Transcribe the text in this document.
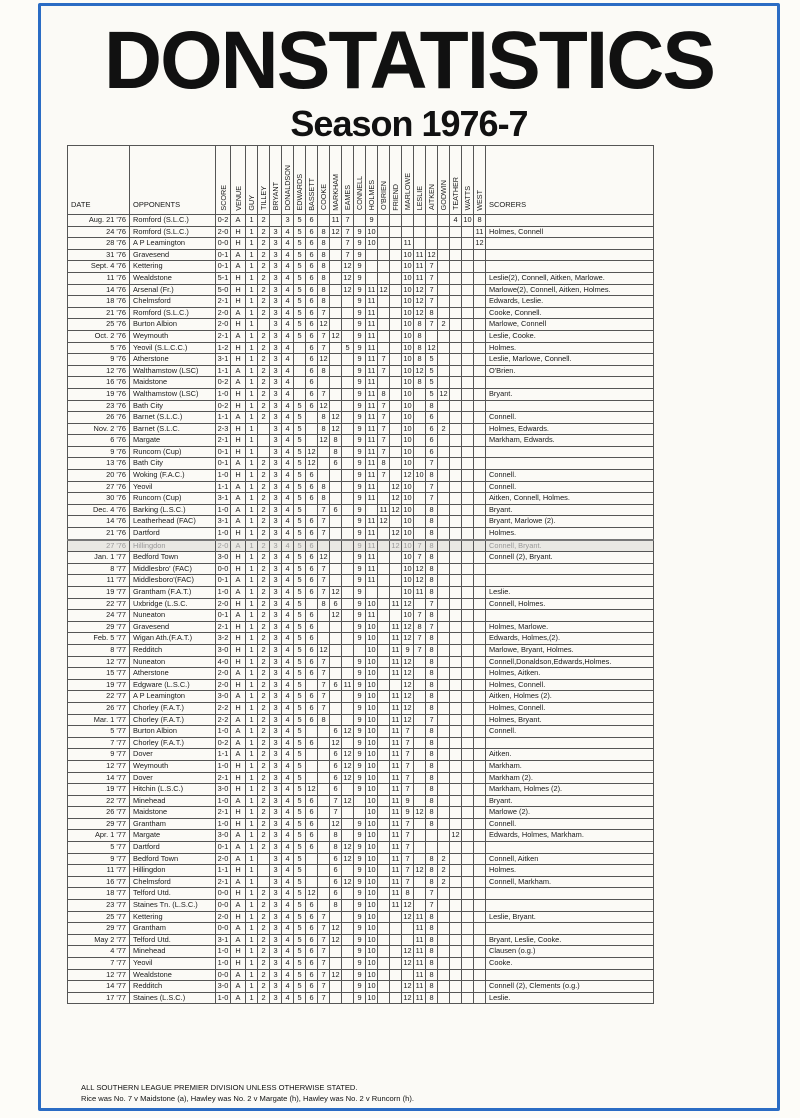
DONSTATISTICS
Season 1976-7
DATE	OPPONENTS	SCORE	VENUE	GUY	TILLEY	BRYANT	DONALDSON	EDWARDS	BASSETT	COOKE	MARKHAM	EAMES	CONNELL	HOLMES	O'BRIEN	FRIEND	MARLOWE	LESLIE	AITKEN	GODWIN	TEATHER	WATTS	WEST	SCORERS
Aug. 21 '76	Romford (S.L.C.)	0-2	A	1	2		3	5	6		11	7		9							4	10	8	
24 '76	Romford (S.L.C.)	2-0	H	1	2	3	4	5	6	8	12	7	9	10									11	Holmes, Connell
28 '76	A P Leamington	0-0	H	1	2	3	4	5	6	8		7	9	10			11						12	
31 '76	Gravesend	0-1	A	1	2	3	4	5	6	8		7	9				10	11	12					
Sept. 4 '76	Kettering	0-1	A	1	2	3	4	5	6	8		12	9				10	11	7					
11 '76	Wealdstone	5-1	H	1	2	3	4	5	6	8		12	9				10	11	7					Leslie(2), Connell, Aitken, Marlowe.
14 '76	Arsenal (Fr.)	5-0	H	1	2	3	4	5	6	8		12	9	11	12		10	12	7					Marlowe(2), Connell, Aitken, Holmes.
18 '76	Chelmsford	2-1	H	1	2	3	4	5	6	8			9	11			10	12	7					Edwards, Leslie.
21 '76	Romford (S.L.C.)	2-0	A	1	2	3	4	5	6	7			9	11			10	12	8					Cooke, Connell.
25 '76	Burton Albion	2-0	H	1		3	4	5	6	12			9	11			10	8	7	2				Marlowe, Connell
Oct. 2 '76	Weymouth	2-1	A	1	2	3	4	5	6	7	12		9	11			10	8						Leslie, Cooke.
5 '76	Yeovil (S.L.C.C.)	1-2	H	1	2	3	4		6	7		5	9	11			10	8	12					Holmes.
9 '76	Atherstone	3-1	H	1	2	3	4		6	12			9	11	7		10	8	5					Leslie, Marlowe, Connell.
12 '76	Walthamstow (LSC)	1-1	A	1	2	3	4		6	8			9	11	7		10	12	5					O'Brien.
16 '76	Maidstone	0-2	A	1	2	3	4		6				9	11			10	8	5					
19 '76	Walthamstow (LSC)	1-0	H	1	2	3	4		6	7			9	11	8		10		5	12				Bryant.
23 '76	Bath City	0-2	H	1	2	3	4	5	6	12			9	11	7		10		8					
26 '76	Barnet (S.L.C.)	1-1	A	1	2	3	4	5		8	12		9	11	7		10		6					Connell.
Nov. 2 '76	Barnet (S.L.C.	2-3	H	1		3	4	5		8	12		9	11	7		10		6	2				Holmes, Edwards.
6 '76	Margate	2-1	H	1		3	4	5		12	8		9	11	7		10		6					Markham, Edwards.
9 '76	Runcorn (Cup)	0-1	H	1		3	4	5	12		8		9	11	7		10		6					
13 '76	Bath City	0-1	A	1	2	3	4	5	12		6		9	11	8		10		7					
20 '76	Woking (F.A.C.)	1-0	H	1	2	3	4	5	6				9	11	7		12	10	8					Connell.
27 '76	Yeovil	1-1	A	1	2	3	4	5	6	8			9	11		12	10		7					Connell.
30 '76	Runcorn (Cup)	3-1	A	1	2	3	4	5	6	8			9	11		12	10		7					Aitken, Connell, Holmes.
Dec. 4 '76	Barking (L.S.C.)	1-0	A	1	2	3	4	5		7	6		9		11	12	10		8					Bryant.
14 '76	Leatherhead (FAC)	3-1	A	1	2	3	4	5	6	7			9	11	12		10		8					Bryant, Marlowe (2).
21 '76	Dartford	1-0	H	1	2	3	4	5	6	7			9	11		12	10		8					Holmes.
27 '76	Hillingdon	2-0	A	1	2	3	4	5	6				9	11		12	10	7	8					Connell, Bryant.
Jan. 1 '77	Bedford Town	3-0	H	1	2	3	4	5	6	12			9	11			10	7	8					Connell (2), Bryant.
8 '77	Middlesbro' (FAC)	0-0	H	1	2	3	4	5	6	7			9	11			10	12	8					
11 '77	Middlesboro'(FAC)	0-1	A	1	2	3	4	5	6	7			9	11			10	12	8					
19 '77	Grantham (F.A.T.)	1-0	A	1	2	3	4	5	6	7	12		9				10	11	8					Leslie.
22 '77	Uxbridge (L.S.C.	2-0	H	1	2	3	4	5		8	6		9	10		11	12		7					Connell, Holmes.
24 '77	Nuneaton	0-1	A	1	2	3	4	5	6		12		9	11			10	7	8					
29 '77	Gravesend	2-1	H	1	2	3	4	5	6				9	10		11	12	8	7					Holmes, Marlowe.
Feb. 5 '77	Wigan Ath.(F.A.T.)	3-2	H	1	2	3	4	5	6				9	10		11	12	7	8					Edwards, Holmes,(2).
8 '77	Redditch	3-0	H	1	2	3	4	5	6	12				10		11	9	7	8					Marlowe, Bryant, Holmes.
12 '77	Nuneaton	4-0	H	1	2	3	4	5	6	7			9	10		11	12		8					Connell,Donaldson,Edwards,Holmes.
15 '77	Atherstone	2-0	A	1	2	3	4	5	6	7			9	10		11	12		8					Holmes, Aitken.
19 '77	Edgware (L.S.C.)	2-0	H	1	2	3	4	5		7	6	11	9	10			12		8					Holmes, Connell.
22 '77	A P Leamington	3-0	A	1	2	3	4	5	6	7			9	10		11	12		8					Aitken, Holmes (2).
26 '77	Chorley (F.A.T.)	2-2	H	1	2	3	4	5	6	7			9	10		11	12		8					Holmes, Connell.
Mar. 1 '77	Chorley (F.A.T.)	2-2	A	1	2	3	4	5	6	8			9	10		11	12		7					Holmes, Bryant.
5 '77	Burton Albion	1-0	A	1	2	3	4	5			6	12	9	10		11	7		8					Connell.
7 '77	Chorley (F.A.T.)	0-2	A	1	2	3	4	5	6		12		9	10		11	7		8					
9 '77	Dover	1-1	A	1	2	3	4	5			6	12	9	10		11	7		8					Aitken.
12 '77	Weymouth	1-0	H	1	2	3	4	5			6	12	9	10		11	7		8					Markham.
14 '77	Dover	2-1	H	1	2	3	4	5			6	12	9	10		11	7		8					Markham (2).
19 '77	Hitchin (L.S.C.)	3-0	H	1	2	3	4	5	12		6		9	10		11	7		8					Markham, Holmes (2).
22 '77	Minehead	1-0	A	1	2	3	4	5	6		7	12		10		11	9		8					Bryant.
26 '77	Maidstone	2-1	H	1	2	3	4	5	6		7			10		11	9	12	8					Marlowe (2).
29 '77	Grantham	1-0	H	1	2	3	4	5	6		12		9	10		11	7		8					Connell.
Apr. 1 '77	Margate	3-0	A	1	2	3	4	5	6		8		9	10		11	7				12			Edwards, Holmes, Markham.
5 '77	Dartford	0-1	A	1	2	3	4	5	6		8	12	9	10		11	7							
9 '77	Bedford Town	2-0	A	1		3	4	5			6	12	9	10		11	7		8	2				Connell, Aitken
11 '77	Hillingdon	1-1	H	1		3	4	5			6		9	10		11	7	12	8	2				Holmes.
16 '77	Chelmsford	2-1	A	1		3	4	5			6	12	9	10		11	7		8	2				Connell, Markham.
18 '77	Telford Utd.	0-0	H	1	2	3	4	5	12		6		9	10		11	8		7					
23 '77	Staines Tn. (L.S.C.)	0-0	A	1	2	3	4	5	6		8		9	10		11	12		7					
25 '77	Kettering	2-0	H	1	2	3	4	5	6	7			9	10			12	11	8					Leslie, Bryant.
29 '77	Grantham	0-0	A	1	2	3	4	5	6	7	12		9	10				11	8					
May 2 '77	Telford Utd.	3-1	A	1	2	3	4	5	6	7	12		9	10				11	8					Bryant, Leslie, Cooke.
4 '77	Minehead	1-0	H	1	2	3	4	5	6	7			9	10			12	11	8					Clausen (o.g.)
7 '77	Yeovil	1-0	H	1	2	3	4	5	6	7			9	10			12	11	8					Cooke.
12 '77	Wealdstone	0-0	A	1	2	3	4	5	6	7	12		9	10				11	8					
14 '77	Redditch	3-0	A	1	2	3	4	5	6	7			9	10			12	11	8					Connell (2), Clements (o.g.)
17 '77	Staines (L.S.C.)	1-0	A	1	2	3	4	5	6	7			9	10			12	11	8					Leslie.
ALL SOUTHERN LEAGUE PREMIER DIVISION UNLESS OTHERWISE STATED.
Rice was No. 7 v Maidstone (a), Hawley was No. 2 v Margate (h), Hawley was No. 2 v Runcorn (h).
